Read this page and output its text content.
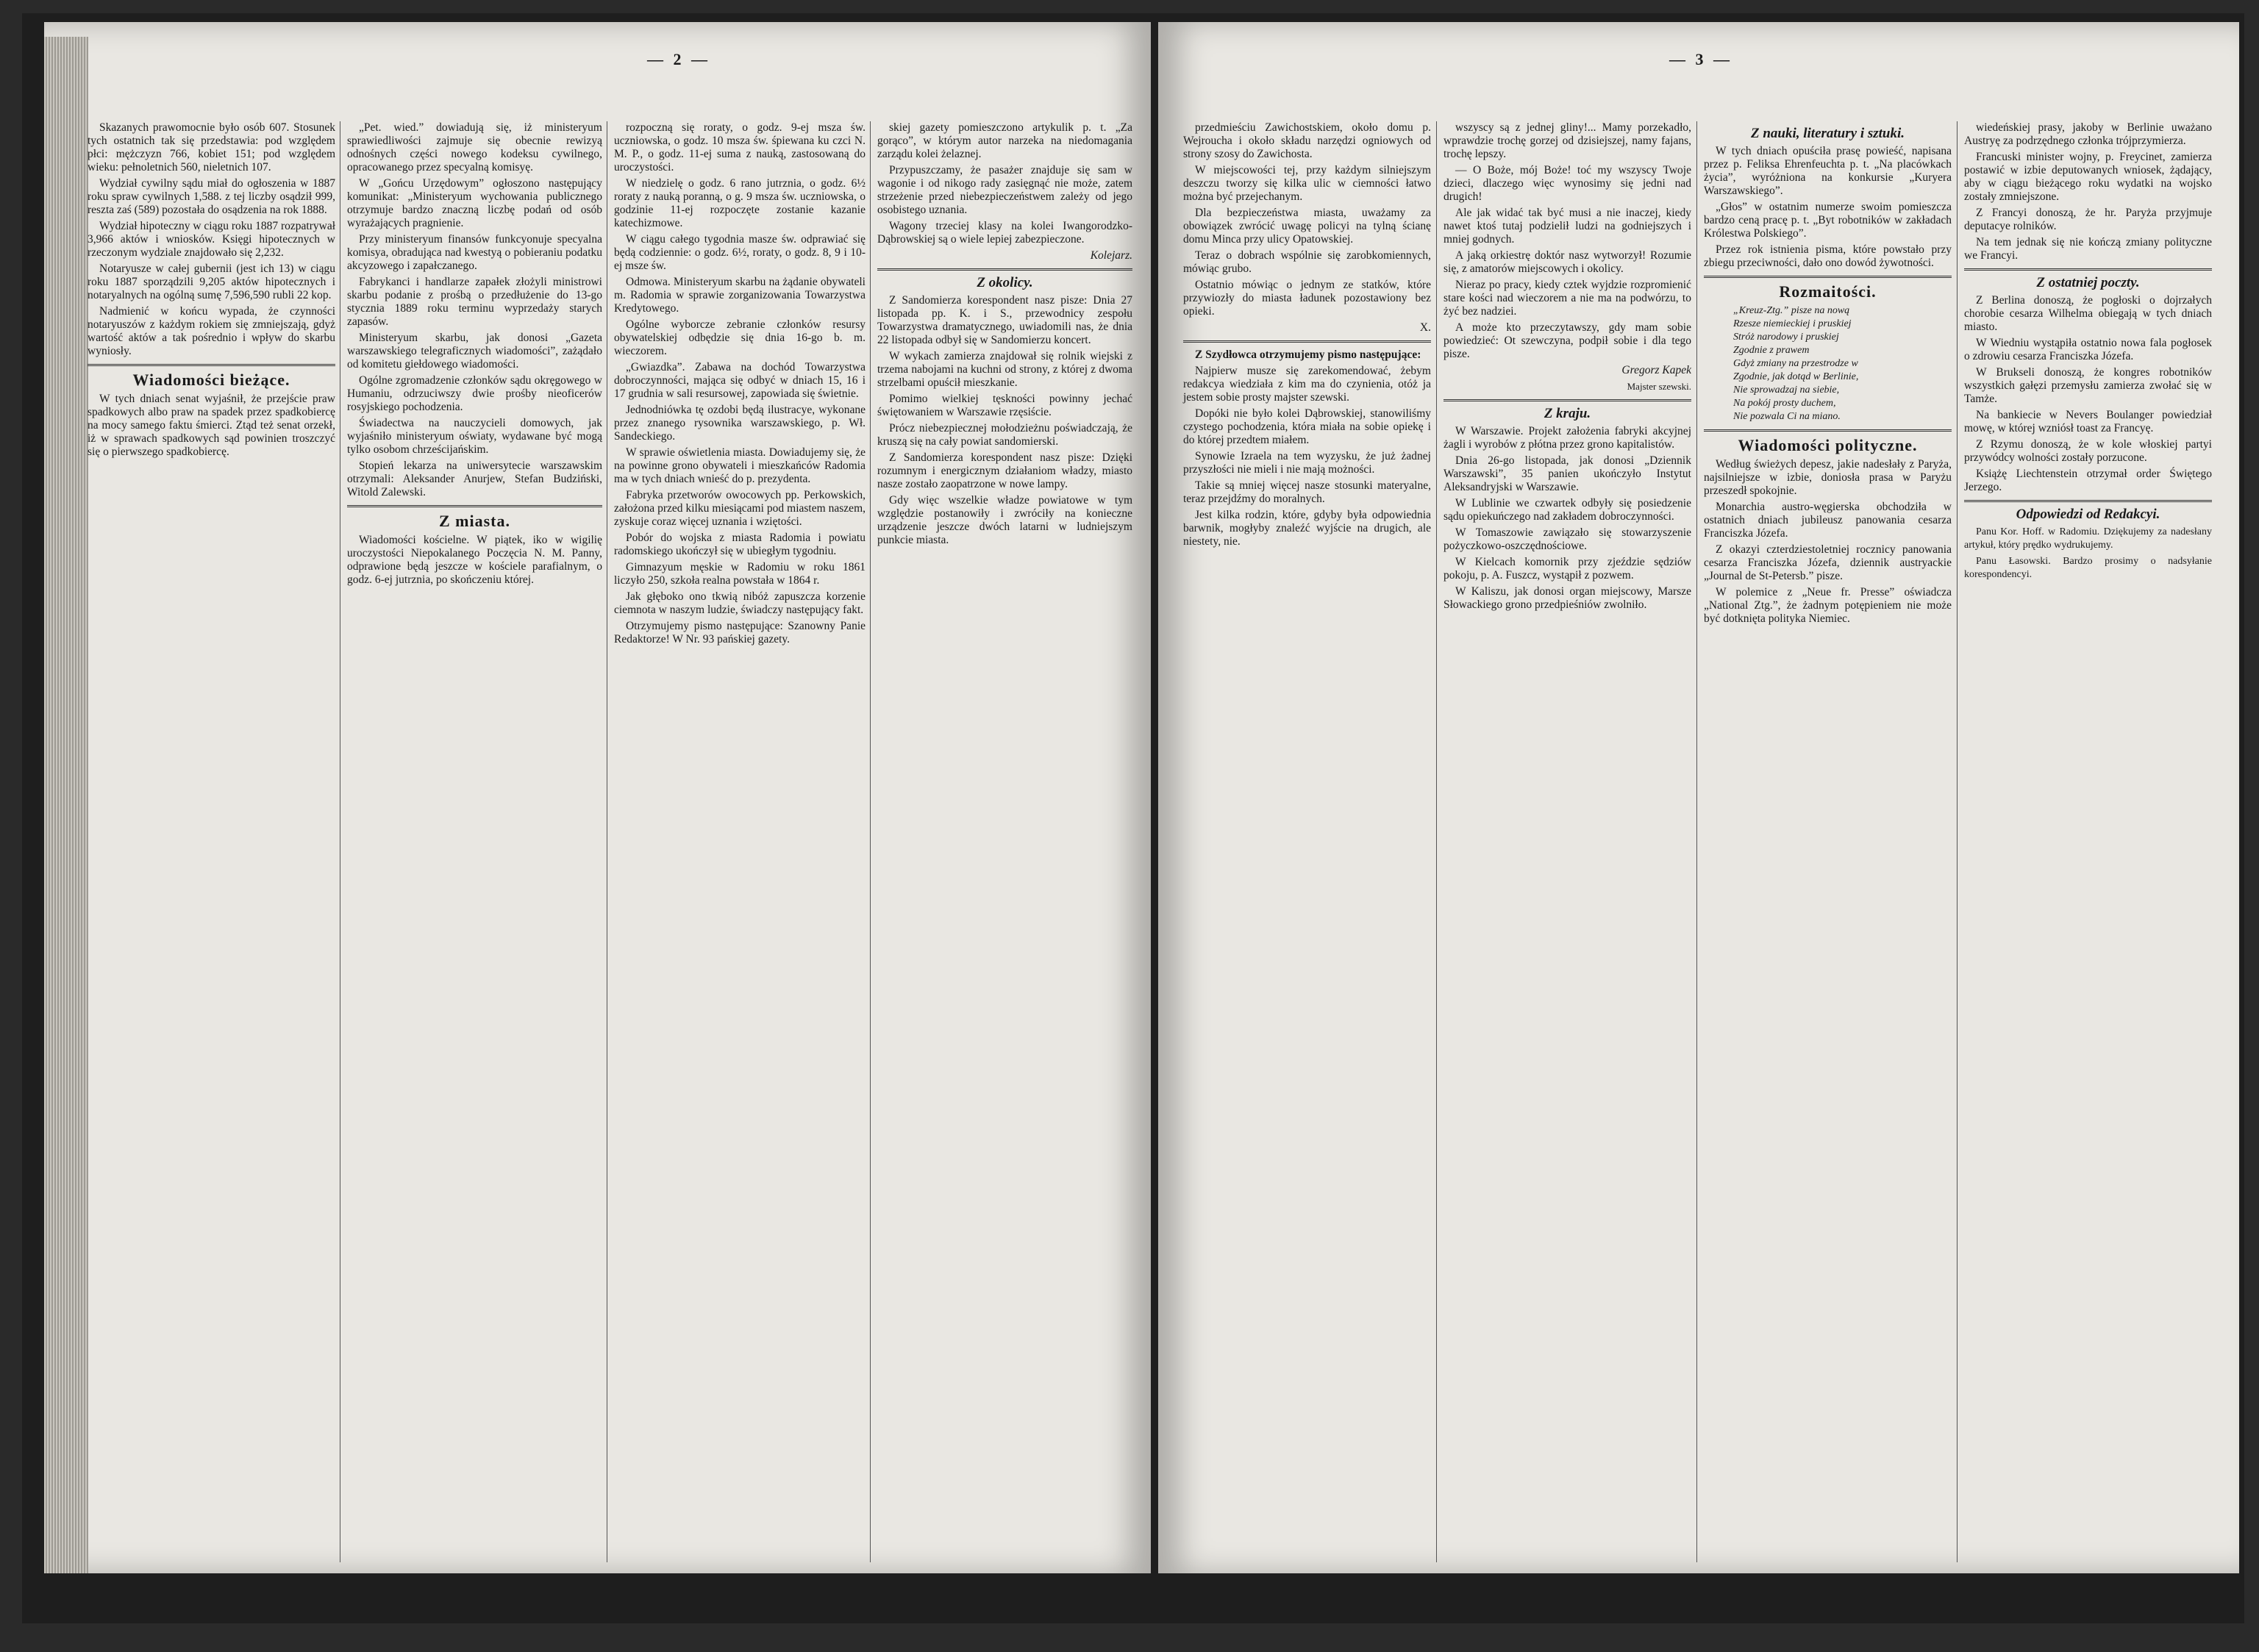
— 2 —

Skazanych prawomocnie było osób 607. Stosunek tych ostatnich tak się przedstawia: pod względem płci: mężczyzn 766, kobiet 151; pod względem wieku: pełnoletnich 560, nieletnich 107.

Wydział cywilny sądu miał do ogłoszenia w 1887 roku spraw cywilnych 1,588. z tej liczby osądził 999, reszta zaś (589) pozostała do osądzenia na rok 1888.

Wydział hipoteczny w ciągu roku 1887 rozpatrywał 3,966 aktów i wniosków. Księgi hipotecznych w rzeczonym wydziale znajdowało się 2,232.

Notaryusze w całej gubernii (jest ich 13) w ciągu roku 1887 sporządzili 9,205 aktów hipotecznych i notaryalnych na ogólną sumę 7,596,590 rubli 22 kop.

Nadmienić w końcu wypada, że czynności notaryuszów z każdym rokiem się zmniejszają, gdyż wartość aktów a tak pośrednio i wpływ do skarbu wyniosły.

Wiadomości bieżące.

W tych dniach senat wyjaśnił, że przejście praw spadkowych albo praw na spadek przez spadkobiercę na mocy samego faktu śmierci. Ztąd też senat orzekł, iż w sprawach spadkowych sąd powinien troszczyć się o pierwszego spadkobiercę.

„Pet. wied.” dowiadują się, iż ministeryum sprawiedliwości zajmuje się obecnie rewizyą odnośnych części nowego kodeksu cywilnego, opracowanego przez specyalną komisyę.

W „Gońcu Urzędowym” ogłoszono następujący komunikat: „Ministeryum wychowania publicznego otrzymuje bardzo znaczną liczbę podań od osób wyrażających pragnienie.

Przy ministeryum finansów funkcyonuje specyalna komisya, obradująca nad kwestyą o pobieraniu podatku akcyzowego i zapałczanego.

Fabrykanci i handlarze zapałek złożyli ministrowi skarbu podanie z prośbą o przedłużenie do 13-go stycznia 1889 roku terminu wyprzedaży starych zapasów.

Ministeryum skarbu, jak donosi „Gazeta warszawskiego telegraficznych wiadomości”, zażądało od komitetu giełdowego wiadomości.

Ogólne zgromadzenie członków sądu okręgowego w Humaniu, odrzuciwszy dwie prośby nieoficerów rosyjskiego pochodzenia.

Świadectwa na nauczycieli domowych, jak wyjaśniło ministeryum oświaty, wydawane być mogą tylko osobom chrześcijańskim.

Stopień lekarza na uniwersytecie warszawskim otrzymali: Aleksander Anurjew, Stefan Budziński, Witold Zalewski.

Z miasta.

Wiadomości kościelne. W piątek, iko w wigilię uroczystości Niepokalanego Poczęcia N. M. Panny, odprawione będą jeszcze w kościele parafialnym, o godz. 6-ej jutrznia, po skończeniu której.

rozpoczną się roraty, o godz. 9-ej msza św. uczniowska, o godz. 10 msza św. śpiewana ku czci N. M. P., o godz. 11-ej suma z nauką, zastosowaną do uroczystości.

W niedzielę o godz. 6 rano jutrznia, o godz. 6½ roraty z nauką poranną, o g. 9 msza św. uczniowska, o godzinie 11-ej rozpoczęte zostanie kazanie katechizmowe.

W ciągu całego tygodnia masze św. odprawiać się będą codziennie: o godz. 6½, roraty, o godz. 8, 9 i 10-ej msze św.

Odmowa. Ministeryum skarbu na żądanie obywateli m. Radomia w sprawie zorganizowania Towarzystwa Kredytowego.

Ogólne wyborcze zebranie członków resursy obywatelskiej odbędzie się dnia 16-go b. m. wieczorem.

„Gwiazdka”. Zabawa na dochód Towarzystwa dobroczynności, mająca się odbyć w dniach 15, 16 i 17 grudnia w sali resursowej, zapowiada się świetnie.

Jednodniówka tę ozdobi będą ilustracye, wykonane przez znanego rysownika warszawskiego, p. Wł. Sandeckiego.

W sprawie oświetlenia miasta. Dowiadujemy się, że na powinne grono obywateli i mieszkańców Radomia ma w tych dniach wnieść do p. prezydenta.

Fabryka przetworów owocowych pp. Perkowskich, założona przed kilku miesiącami pod miastem naszem, zyskuje coraz więcej uznania i wziętości.

Pobór do wojska z miasta Radomia i powiatu radomskiego ukończył się w ubiegłym tygodniu.

Gimnazyum męskie w Radomiu w roku 1861 liczyło 250, szkoła realna powstała w 1864 r.

Jak głęboko ono tkwią nibóż zapuszcza korzenie ciemnota w naszym ludzie, świadczy następujący fakt.

Otrzymujemy pismo następujące: Szanowny Panie Redaktorze! W Nr. 93 pańskiej gazety.

skiej gazety pomieszczono artykulik p. t. „Za gorąco”, w którym autor narzeka na niedomagania zarządu kolei żelaznej.

Przypuszczamy, że pasażer znajduje się sam w wagonie i od nikogo rady zasięgnąć nie może, zatem strzeżenie przed niebezpieczeństwem zależy od jego osobistego uznania.

Wagony trzeciej klasy na kolei Iwangorodzko-Dąbrowskiej są o wiele lepiej zabezpieczone.

Kolejarz.

Z okolicy.

Z Sandomierza korespondent nasz pisze: Dnia 27 listopada pp. K. i S., przewodnicy zespołu Towarzystwa dramatycznego, uwiadomili nas, że dnia 22 listopada odbył się w Sandomierzu koncert.

W wykach zamierza znajdował się rolnik wiejski z trzema nabojami na kuchni od strony, z której z dwoma strzelbami opuścił mieszkanie.

Pomimo wielkiej tęskności powinny jechać świętowaniem w Warszawie rzęsiście.

Prócz niebezpiecznej mołodzieżnu poświadczają, że kruszą się na cały powiat sandomierski.

Z Sandomierza korespondent nasz pisze: Dzięki rozumnym i energicznym działaniom władzy, miasto nasze zostało zaopatrzone w nowe lampy.

Gdy więc wszelkie władze powiatowe w tym względzie postanowiły i zwróciły na konieczne urządzenie jeszcze dwóch latarni w ludniejszym punkcie miasta.

— 3 —

przedmieściu Zawichostskiem, około domu p. Wejroucha i około składu narzędzi ogniowych od strony szosy do Zawichosta.

W miejscowości tej, przy każdym silniejszym deszczu tworzy się kilka ulic w ciemności łatwo można być przejechanym.

Dla bezpieczeństwa miasta, uważamy za obowiązek zwrócić uwagę policyi na tylną ścianę domu Minca przy ulicy Opatowskiej.

Teraz o dobrach wspólnie się zarobkomiennych, mówiąc grubo.

Ostatnio mówiąc o jednym ze statków, które przywiozły do miasta ładunek pozostawiony bez opieki.

X.

Z Szydłowca otrzymujemy pismo następujące:

Najpierw musze się zarekomendować, żebym redakcya wiedziała z kim ma do czynienia, otóż ja jestem sobie prosty majster szewski.

Dopóki nie było kolei Dąbrowskiej, stanowiliśmy czystego pochodzenia, która miała na sobie opiekę i do której przedtem miałem.

Synowie Izraela na tem wyzysku, że już żadnej przyszłości nie mieli i nie mają możności.

Takie są mniej więcej nasze stosunki materyalne, teraz przejdźmy do moralnych.

Jest kilka rodzin, które, gdyby była odpowiednia barwnik, mogłyby znaleźć wyjście na drugich, ale niestety, nie.

wszyscy są z jednej gliny!... Mamy porzekadło, wprawdzie trochę gorzej od dzisiejszej, namy fajans, trochę lepszy.

— O Boże, mój Boże! toć my wszyscy Twoje dzieci, dlaczego więc wynosimy się jedni nad drugich!

Ale jak widać tak być musi a nie inaczej, kiedy nawet ktoś tutaj podzielił ludzi na godniejszych i mniej godnych.

A jaką orkiestrę doktór nasz wytworzył! Rozumie się, z amatorów miejscowych i okolicy.

Nieraz po pracy, kiedy cztek wyjdzie rozpromienić stare kości nad wieczorem a nie ma na podwórzu, to żyć bez nadziei.

A może kto przeczytawszy, gdy mam sobie powiedzieć: Ot szewczyna, podpił sobie i dla tego pisze.

Gregorz Kapek

Majster szewski.

Z kraju.

W Warszawie. Projekt założenia fabryki akcyjnej żagli i wyrobów z płótna przez grono kapitalistów.

Dnia 26-go listopada, jak donosi „Dziennik Warszawski”, 35 panien ukończyło Instytut Aleksandryjski w Warszawie.

W Lublinie we czwartek odbyły się posiedzenie sądu opiekuńczego nad zakładem dobroczynności.

W Tomaszowie zawiązało się stowarzyszenie pożyczkowo-oszczędnościowe.

W Kielcach komornik przy zjeździe sędziów pokoju, p. A. Fuszcz, wystąpił z pozwem.

W Kaliszu, jak donosi organ miejscowy, Marsze Słowackiego grono przedpieśniów zwolniło.

Z nauki, literatury i sztuki.

W tych dniach opuściła prasę powieść, napisana przez p. Feliksa Ehrenfeuchta p. t. „Na placówkach życia”, wyróżniona na konkursie „Kuryera Warszawskiego”.

„Głos” w ostatnim numerze swoim pomieszcza bardzo ceną pracę p. t. „Byt robotników w zakładach Królestwa Polskiego”.

Przez rok istnienia pisma, które powstało przy zbiegu przeciwności, dało ono dowód żywotności.

Rozmaitości.
„Kreuz-Ztg.” pisze na nową
Rzesze niemieckiej i pruskiej
Stróż narodowy i pruskiej
Zgodnie z prawem
Gdyż zmiany na przestrodze w
Zgodnie, jak dotąd w Berlinie,
Nie sprowadzaj na siebie,
Na pokój prosty duchem,
Nie pozwala Ci na miano.
Wiadomości polityczne.

Według świeżych depesz, jakie nadesłały z Paryża, najsilniejsze w izbie, doniosła prasa w Paryżu przeszedł spokojnie.

Monarchia austro-węgierska obchodziła w ostatnich dniach jubileusz panowania cesarza Franciszka Józefa.

Z okazyi czterdziestoletniej rocznicy panowania cesarza Franciszka Józefa, dziennik austryackie „Journal de St-Petersb.” pisze.

W polemice z „Neue fr. Presse” oświadcza „National Ztg.”, że żadnym potępieniem nie może być dotknięta polityka Niemiec.

wiedeńskiej prasy, jakoby w Berlinie uważano Austryę za podrzędnego członka trójprzymierza.

Francuski minister wojny, p. Freycinet, zamierza postawić w izbie deputowanych wniosek, żądający, aby w ciągu bieżącego roku wydatki na wojsko zostały zmniejszone.

Z Francyi donoszą, że hr. Paryża przyjmuje deputacye rolników.

Na tem jednak się nie kończą zmiany polityczne we Francyi.

Z ostatniej poczty.

Z Berlina donoszą, że pogłoski o dojrzałych chorobie cesarza Wilhelma obiegają w tych dniach miasto.

W Wiedniu wystąpiła ostatnio nowa fala pogłosek o zdrowiu cesarza Franciszka Józefa.

W Brukseli donoszą, że kongres robotników wszystkich gałęzi przemysłu zamierza zwołać się w Tamże.

Na bankiecie w Nevers Boulanger powiedział mowę, w której wzniósł toast za Francyę.

Z Rzymu donoszą, że w kole włoskiej partyi przywódcy wolności zostały porzucone.

Książę Liechtenstein otrzymał order Świętego Jerzego.

Odpowiedzi od Redakcyi.

Panu Kor. Hoff. w Radomiu. Dziękujemy za nadesłany artykuł, który prędko wydrukujemy.

Panu Łasowski. Bardzo prosimy o nadsyłanie korespondencyi.
